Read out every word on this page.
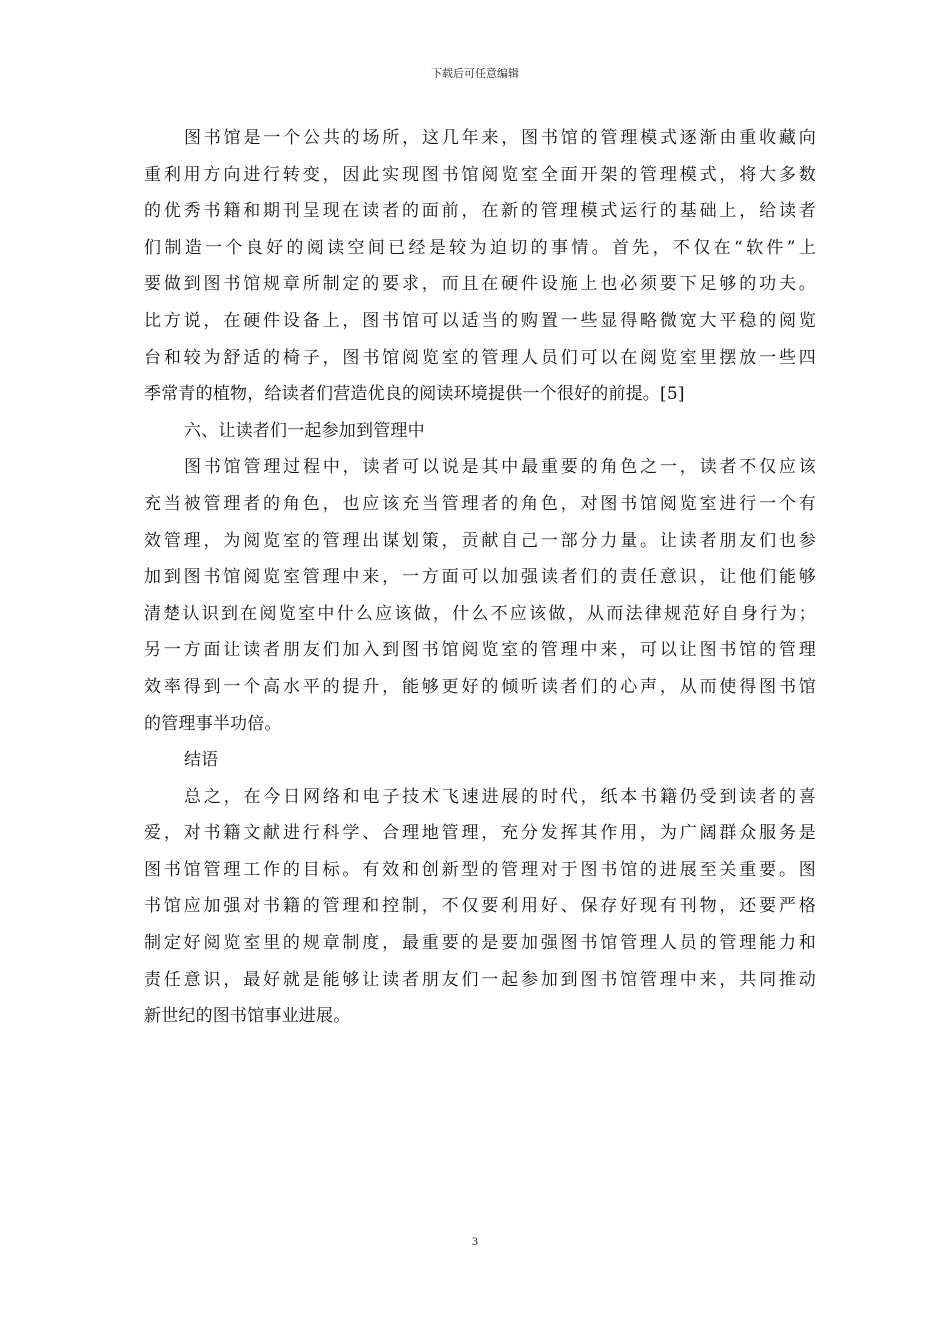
下载后可任意编辑
图书馆是一个公共的场所，这几年来，图书馆的管理模式逐渐由重收藏向
重利用方向进行转变，因此实现图书馆阅览室全面开架的管理模式，将大多数
的优秀书籍和期刊呈现在读者的面前，在新的管理模式运行的基础上，给读者
们制造一个良好的阅读空间已经是较为迫切的事情。首先，不仅在“软件”上
要做到图书馆规章所制定的要求，而且在硬件设施上也必须要下足够的功夫。
比方说，在硬件设备上，图书馆可以适当的购置一些显得略微宽大平稳的阅览
台和较为舒适的椅子，图书馆阅览室的管理人员们可以在阅览室里摆放一些四
季常青的植物，给读者们营造优良的阅读环境提供一个很好的前提。[5]
六、让读者们一起参加到管理中
图书馆管理过程中，读者可以说是其中最重要的角色之一，读者不仅应该
充当被管理者的角色，也应该充当管理者的角色，对图书馆阅览室进行一个有
效管理，为阅览室的管理出谋划策，贡献自己一部分力量。让读者朋友们也参
加到图书馆阅览室管理中来，一方面可以加强读者们的责任意识，让他们能够
清楚认识到在阅览室中什么应该做，什么不应该做，从而法律规范好自身行为；
另一方面让读者朋友们加入到图书馆阅览室的管理中来，可以让图书馆的管理
效率得到一个高水平的提升，能够更好的倾听读者们的心声，从而使得图书馆
的管理事半功倍。
结语
总之，在今日网络和电子技术飞速进展的时代，纸本书籍仍受到读者的喜
爱，对书籍文献进行科学、合理地管理，充分发挥其作用，为广阔群众服务是
图书馆管理工作的目标。有效和创新型的管理对于图书馆的进展至关重要。图
书馆应加强对书籍的管理和控制，不仅要利用好、保存好现有刊物，还要严格
制定好阅览室里的规章制度，最重要的是要加强图书馆管理人员的管理能力和
责任意识，最好就是能够让读者朋友们一起参加到图书馆管理中来，共同推动
新世纪的图书馆事业进展。
3
